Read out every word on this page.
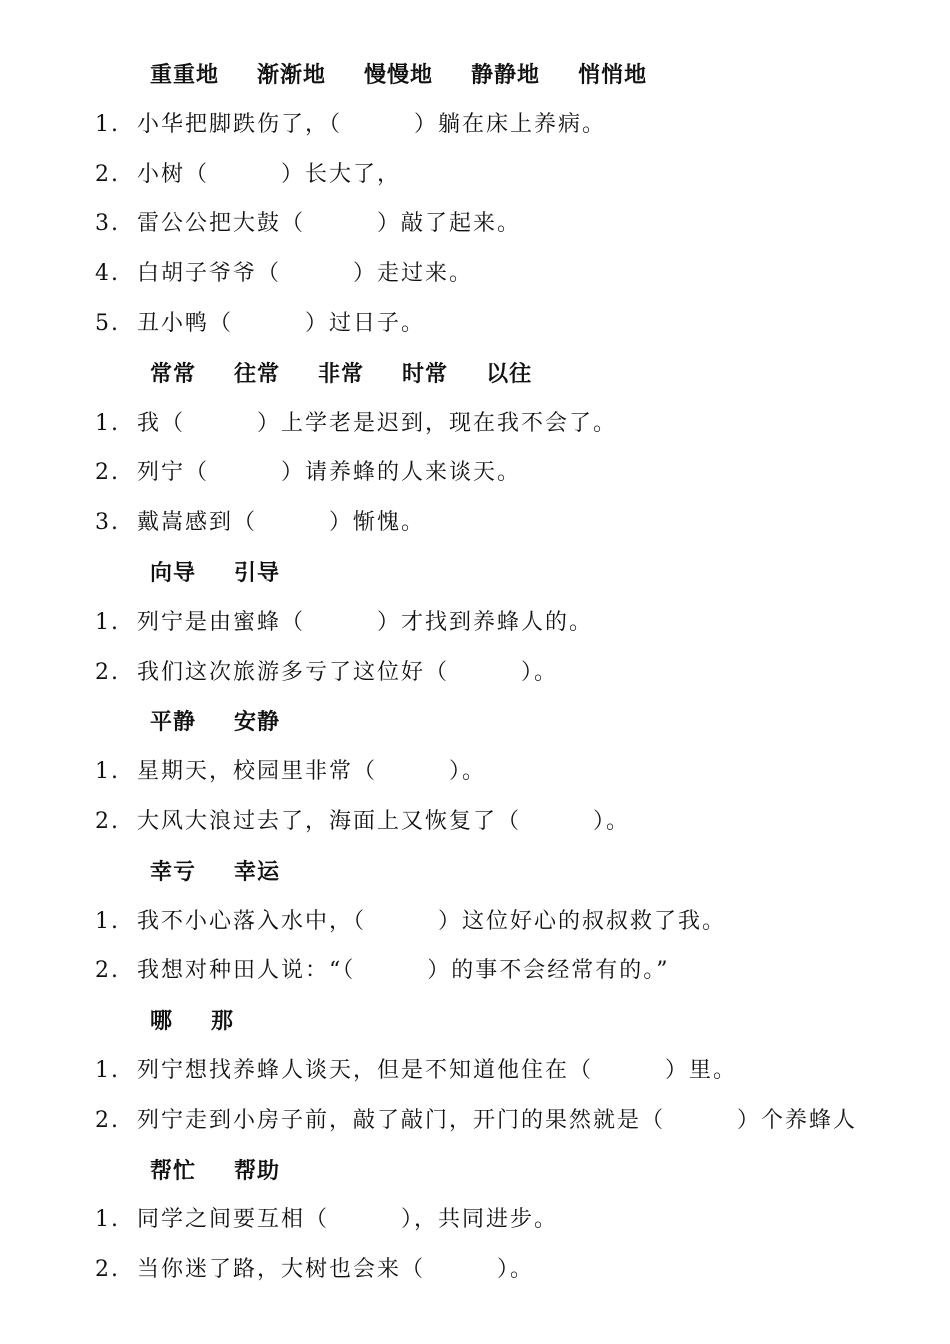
重重地 渐渐地 慢慢地 静静地 悄悄地
1. 小华把脚跌伤了，（　　　）躺在床上养病。
2. 小树（　　　）长大了，
3. 雷公公把大鼓（　　　）敲了起来。
4. 白胡子爷爷（　　　）走过来。
5. 丑小鸭（　　　）过日子。
常常 往常 非常 时常 以往
1. 我（　　　）上学老是迟到，现在我不会了。
2. 列宁（　　　）请养蜂的人来谈天。
3. 戴嵩感到（　　　）惭愧。
向导 引导
1. 列宁是由蜜蜂（　　　）才找到养蜂人的。
2. 我们这次旅游多亏了这位好（　　　）。
平静 安静
1. 星期天，校园里非常（　　　）。
2. 大风大浪过去了，海面上又恢复了（　　　）。
幸亏 幸运
1. 我不小心落入水中，（　　　）这位好心的叔叔救了我。
2. 我想对种田人说：“（　　　）的事不会经常有的。”
哪 那
1. 列宁想找养蜂人谈天，但是不知道他住在（　　　）里。
2. 列宁走到小房子前，敲了敲门，开门的果然就是（　　　）个养蜂人
帮忙 帮助
1. 同学之间要互相（　　　），共同进步。
2. 当你迷了路，大树也会来（　　　）。
